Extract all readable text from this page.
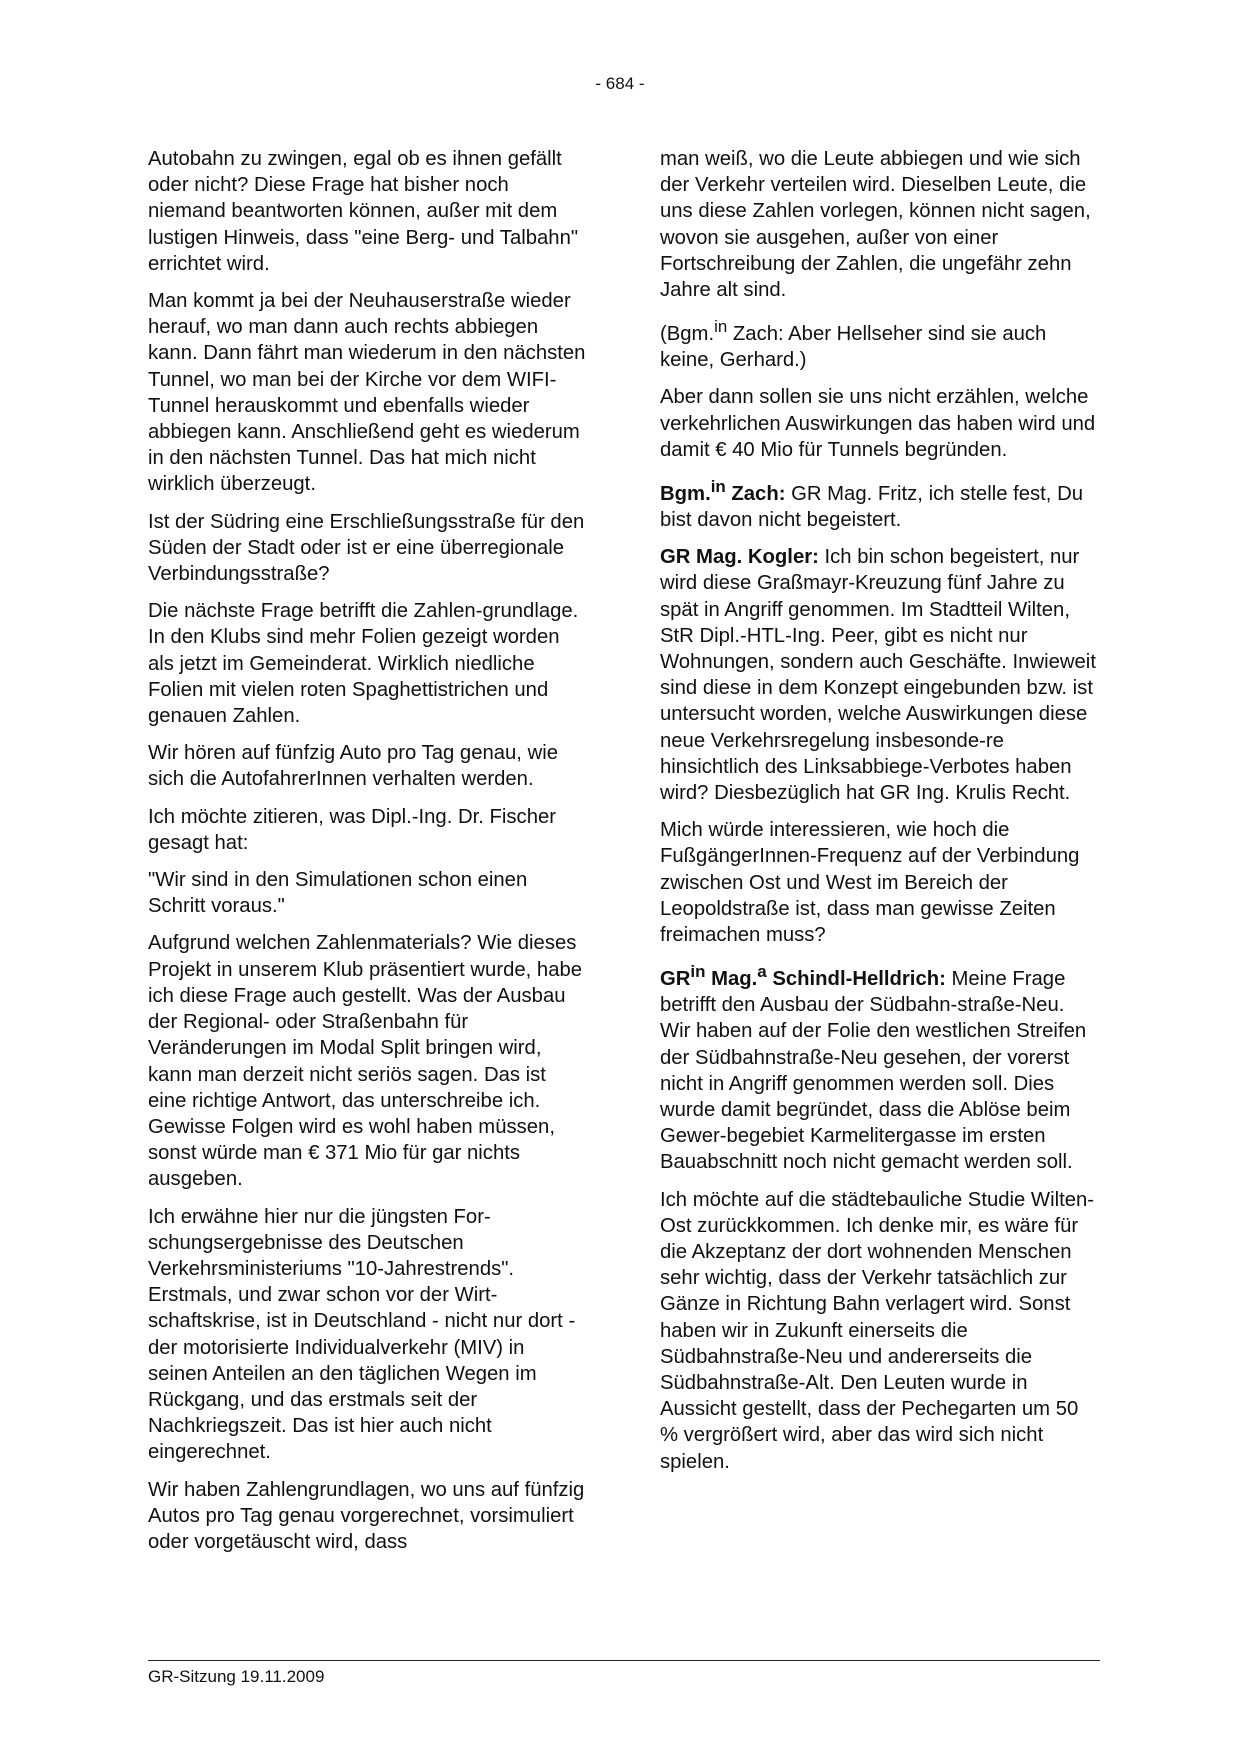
- 684 -

Autobahn zu zwingen, egal ob es ihnen gefällt oder nicht? Diese Frage hat bisher noch niemand beantworten können, außer mit dem lustigen Hinweis, dass "eine Berg- und Talbahn" errichtet wird.

Man kommt ja bei der Neuhauserstraße wieder herauf, wo man dann auch rechts abbiegen kann. Dann fährt man wiederum in den nächsten Tunnel, wo man bei der Kirche vor dem WIFI-Tunnel herauskommt und ebenfalls wieder abbiegen kann. Anschließend geht es wiederum in den nächsten Tunnel. Das hat mich nicht wirklich überzeugt.

Ist der Südring eine Erschließungsstraße für den Süden der Stadt oder ist er eine überregionale Verbindungsstraße?

Die nächste Frage betrifft die Zahlen-grundlage. In den Klubs sind mehr Folien gezeigt worden als jetzt im Gemeinderat. Wirklich niedliche Folien mit vielen roten Spaghettistrichen und genauen Zahlen.

Wir hören auf fünfzig Auto pro Tag genau, wie sich die AutofahrerInnen verhalten werden.

Ich möchte zitieren, was Dipl.-Ing. Dr. Fischer gesagt hat:

"Wir sind in den Simulationen schon einen Schritt voraus."

Aufgrund welchen Zahlenmaterials? Wie dieses Projekt in unserem Klub präsentiert wurde, habe ich diese Frage auch gestellt. Was der Ausbau der Regional- oder Straßenbahn für Veränderungen im Modal Split bringen wird, kann man derzeit nicht seriös sagen. Das ist eine richtige Antwort, das unterschreibe ich. Gewisse Folgen wird es wohl haben müssen, sonst würde man € 371 Mio für gar nichts ausgeben.

Ich erwähne hier nur die jüngsten For-schungsergebnisse des Deutschen Verkehrsministeriums "10-Jahrestrends". Erstmals, und zwar schon vor der Wirt-schaftskrise, ist in Deutschland - nicht nur dort - der motorisierte Individualverkehr (MIV) in seinen Anteilen an den täglichen Wegen im Rückgang, und das erstmals seit der Nachkriegszeit. Das ist hier auch nicht eingerechnet.

Wir haben Zahlengrundlagen, wo uns auf fünfzig Autos pro Tag genau vorgerechnet, vorsimuliert oder vorgetäuscht wird, dass

man weiß, wo die Leute abbiegen und wie sich der Verkehr verteilen wird. Dieselben Leute, die uns diese Zahlen vorlegen, können nicht sagen, wovon sie ausgehen, außer von einer Fortschreibung der Zahlen, die ungefähr zehn Jahre alt sind.

(Bgm.$^{in}$ Zach: Aber Hellseher sind sie auch keine, Gerhard.)

Aber dann sollen sie uns nicht erzählen, welche verkehrlichen Auswirkungen das haben wird und damit € 40 Mio für Tunnels begründen.

Bgm.$^{in}$ Zach: GR Mag. Fritz, ich stelle fest, Du bist davon nicht begeistert.

GR Mag. Kogler: Ich bin schon begeistert, nur wird diese Graßmayr-Kreuzung fünf Jahre zu spät in Angriff genommen. Im Stadtteil Wilten, StR Dipl.-HTL-Ing. Peer, gibt es nicht nur Wohnungen, sondern auch Geschäfte. Inwieweit sind diese in dem Konzept eingebunden bzw. ist untersucht worden, welche Auswirkungen diese neue Verkehrsregelung insbesonde-re hinsichtlich des Linksabbiege-Verbotes haben wird? Diesbezüglich hat GR Ing. Krulis Recht.

Mich würde interessieren, wie hoch die FußgängerInnen-Frequenz auf der Verbindung zwischen Ost und West im Bereich der Leopoldstraße ist, dass man gewisse Zeiten freimachen muss?

$GR^{in}$ Mag.$^a$ Schindl-Helldrich: Meine Frage betrifft den Ausbau der Südbahn-straße-Neu. Wir haben auf der Folie den westlichen Streifen der Südbahnstraße-Neu gesehen, der vorerst nicht in Angriff genommen werden soll. Dies wurde damit begründet, dass die Ablöse beim Gewer-begebiet Karmelitergasse im ersten Bauabschnitt noch nicht gemacht werden soll.

Ich möchte auf die städtebauliche Studie Wilten-Ost zurückkommen. Ich denke mir, es wäre für die Akzeptanz der dort wohnenden Menschen sehr wichtig, dass der Verkehr tatsächlich zur Gänze in Richtung Bahn verlagert wird. Sonst haben wir in Zukunft einerseits die Südbahnstraße-Neu und andererseits die Südbahnstraße-Alt. Den Leuten wurde in Aussicht gestellt, dass der Pechegarten um 50 % vergrößert wird, aber das wird sich nicht spielen.

GR-Sitzung 19.11.2009
